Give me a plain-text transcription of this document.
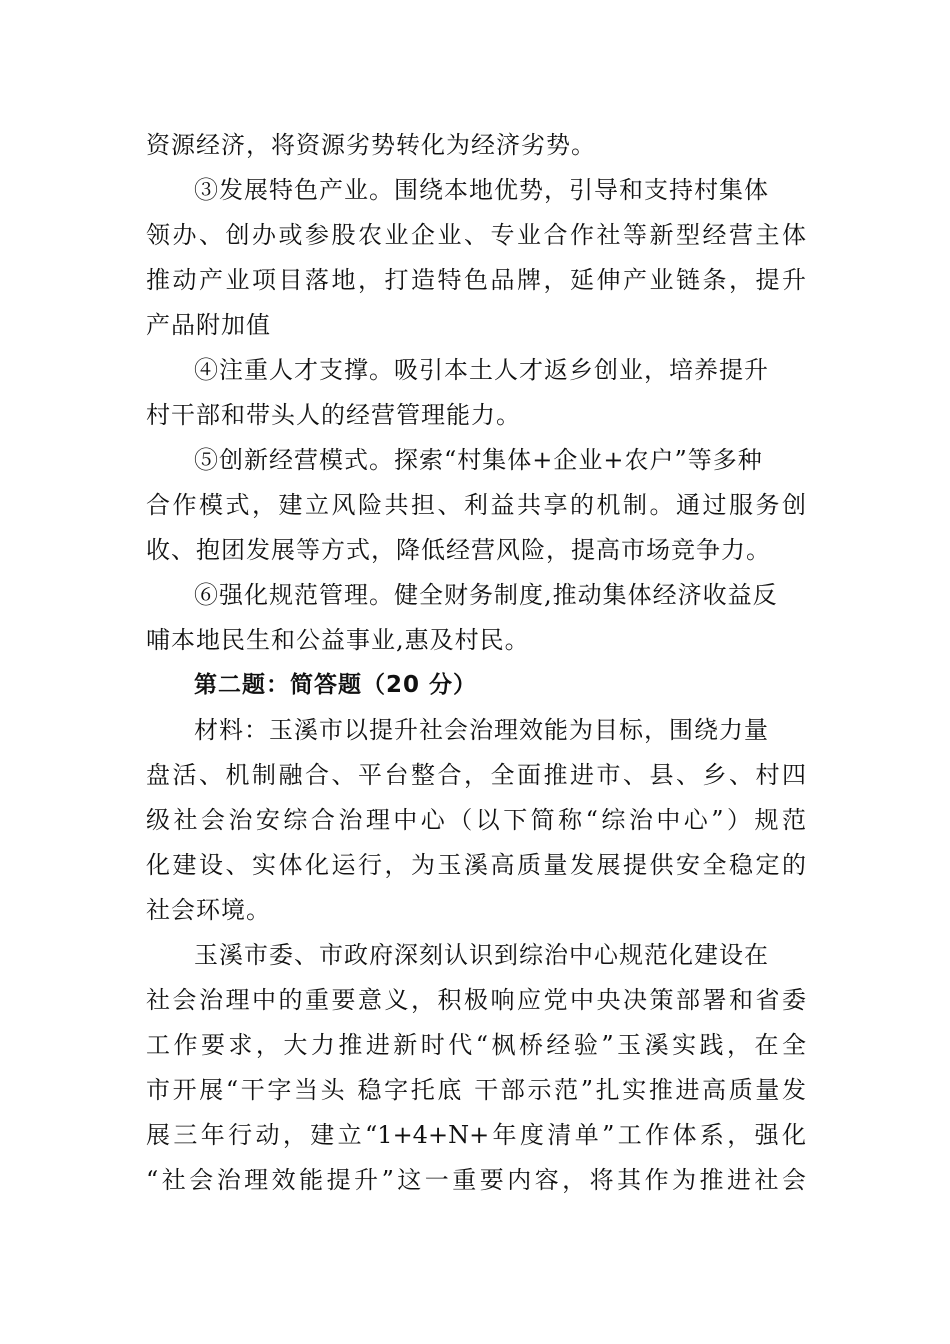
资源经济，将资源劣势转化为经济劣势。
③发展特色产业。围绕本地优势，引导和支持村集体
领办、创办或参股农业企业、专业合作社等新型经营主体
推动产业项目落地，打造特色品牌，延伸产业链条，提升
产品附加值
④注重人才支撑。吸引本土人才返乡创业，培养提升
村干部和带头人的经营管理能力。
⑤创新经营模式。探索“村集体+企业+农户”等多种
合作模式，建立风险共担、利益共享的机制。通过服务创
收、抱团发展等方式，降低经营风险，提高市场竞争力。
⑥强化规范管理。健全财务制度,推动集体经济收益反
哺本地民生和公益事业,惠及村民。
第二题：简答题（20 分）
材料：玉溪市以提升社会治理效能为目标，围绕力量
盘活、机制融合、平台整合，全面推进市、县、乡、村四
级社会治安综合治理中心（以下简称“综治中心”）规范
化建设、实体化运行，为玉溪高质量发展提供安全稳定的
社会环境。
玉溪市委、市政府深刻认识到综治中心规范化建设在
社会治理中的重要意义，积极响应党中央决策部署和省委
工作要求，大力推进新时代“枫桥经验”玉溪实践，在全
市开展“干字当头 稳字托底 干部示范”扎实推进高质量发
展三年行动，建立“1+4+N+年度清单”工作体系，强化
“社会治理效能提升”这一重要内容，将其作为推进社会
